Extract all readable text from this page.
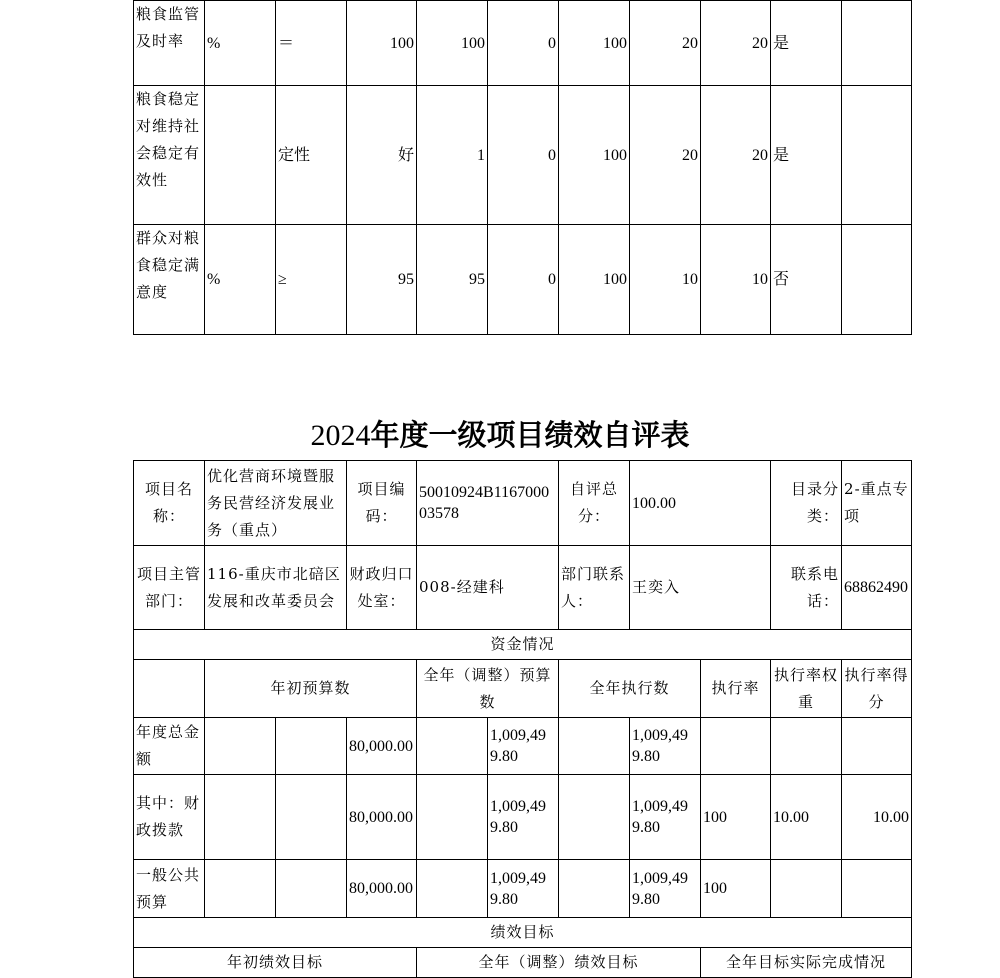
粮食监管及时率	%	＝	100	100	0	100	20	20	是	
粮食稳定对维持社会稳定有效性		定性	好	1	0	100	20	20	是	
群众对粮食稳定满意度	%	≥	95	95	0	100	10	10	否	
2024年度一级项目绩效自评表
项目名称：	优化营商环境暨服务民营经济发展业务（重点）		项目编码：	50010924B116700003578		自评总分：	100.00		目录分类：	2-重点专项
项目主管部门：	116-重庆市北碚区发展和改革委员会		财政归口处室：	008-经建科		部门联系人：	王奕入		联系电话：	68862490
资金情况										
	年初预算数			全年（调整）预算数		全年执行数		执行率	执行率权重	执行率得分
年度总金额			80,000.00		1,009,499.80		1,009,499.80			
其中：财政拨款			80,000.00		1,009,499.80		1,009,499.80	100	10.00	10.00
一般公共预算			80,000.00		1,009,499.80		1,009,499.80	100		
绩效目标										
年初绩效目标				全年（调整）绩效目标				全年目标实际完成情况		
